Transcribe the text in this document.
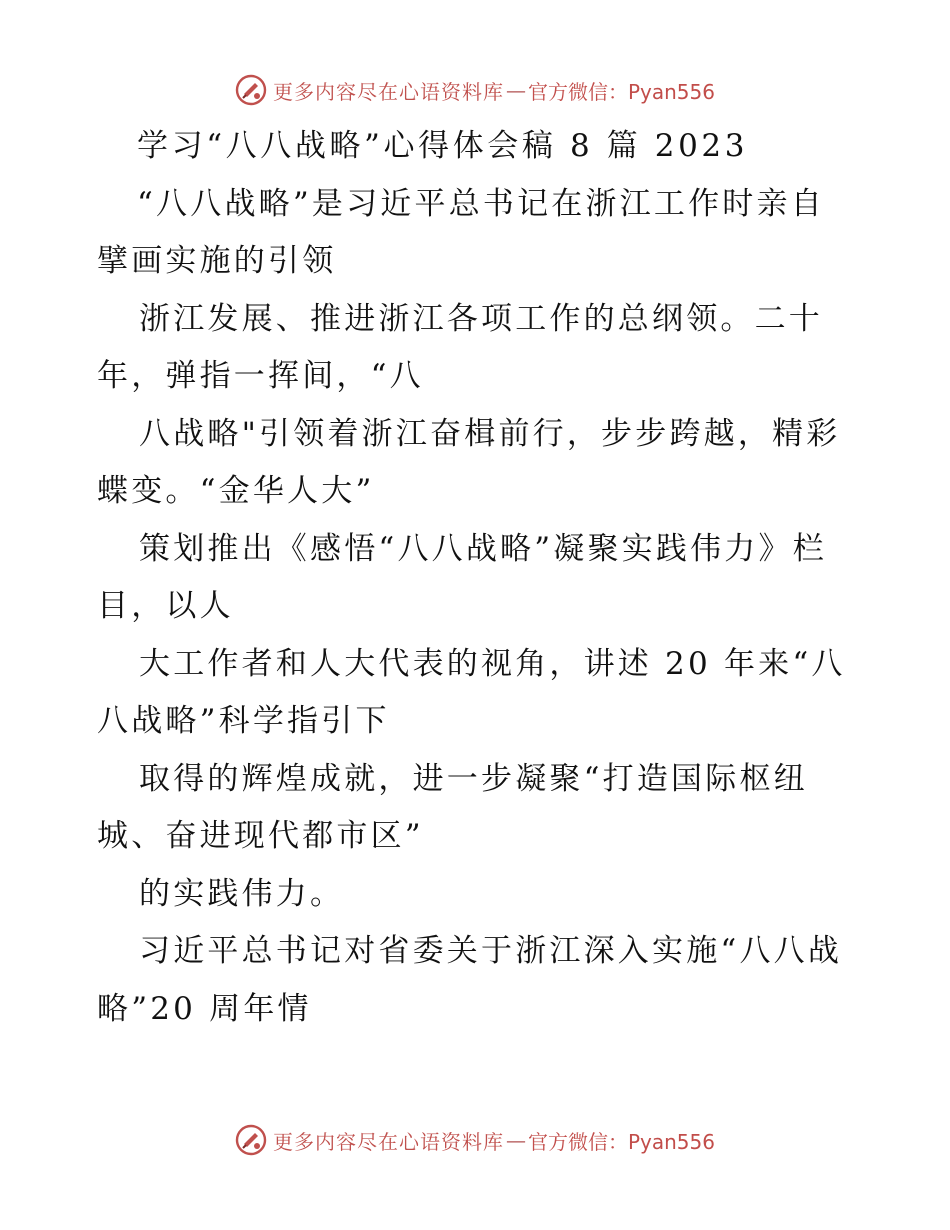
更多内容尽在心语资料库 — 官方微信：Pyan556

学习“八八战略”心得体会稿 8 篇 2023

“八八战略”是习近平总书记在浙江工作时亲自擘画实施的引领

浙江发展、推进浙江各项工作的总纲领。二十年，弹指一挥间，“八

八战略"引领着浙江奋楫前行，步步跨越，精彩蝶变。“金华人大”

策划推出《感悟“八八战略”凝聚实践伟力》栏目，以人

大工作者和人大代表的视角，讲述 20 年来“八八战略”科学指引下

取得的辉煌成就，进一步凝聚“打造国际枢纽城、奋进现代都市区”

的实践伟力。

习近平总书记对省委关于浙江深入实施“八八战略”20 周年情

更多内容尽在心语资料库 — 官方微信：Pyan556
